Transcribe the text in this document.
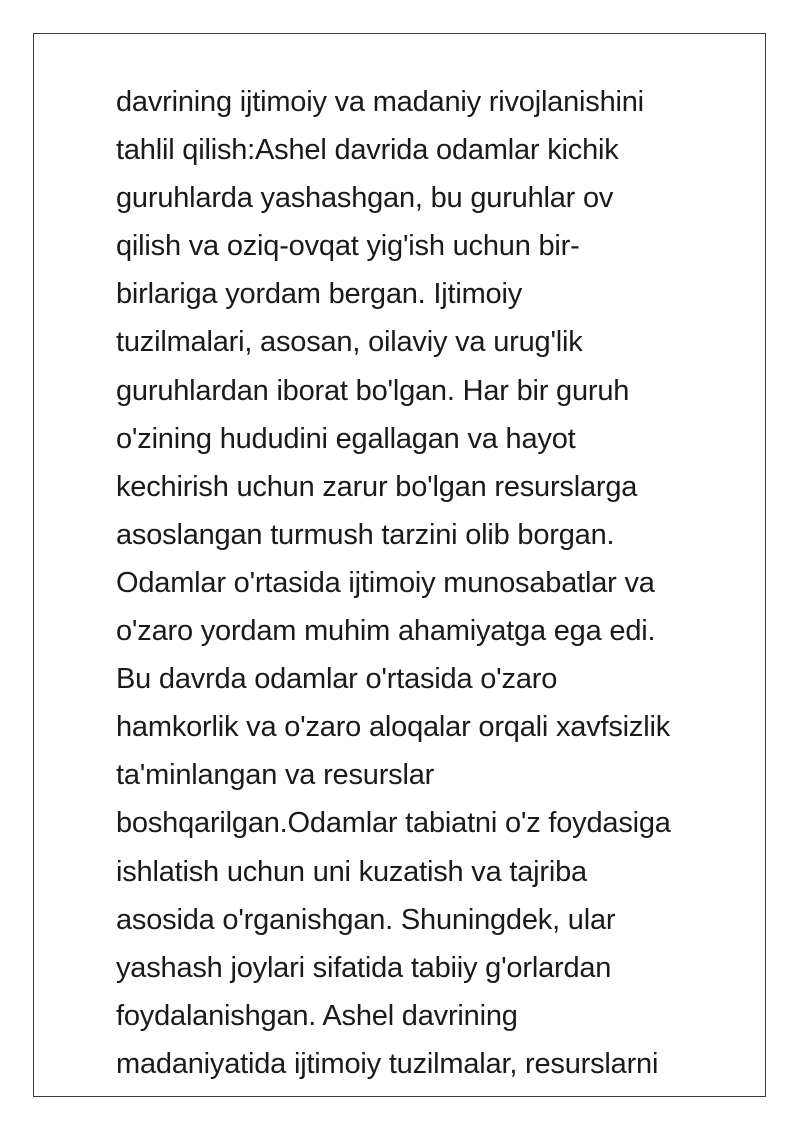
davrining ijtimoiy va madaniy rivojlanishini
tahlil qilish:Ashel davrida odamlar kichik
guruhlarda yashashgan, bu guruhlar ov
qilish va oziq-ovqat yig'ish uchun bir-
birlariga yordam bergan. Ijtimoiy
tuzilmalari, asosan, oilaviy va urug'lik
guruhlardan iborat bo'lgan. Har bir guruh
o'zining hududini egallagan va hayot
kechirish uchun zarur bo'lgan resurslarga
asoslangan turmush tarzini olib borgan.
Odamlar o'rtasida ijtimoiy munosabatlar va
o'zaro yordam muhim ahamiyatga ega edi.
Bu davrda odamlar o'rtasida o'zaro
hamkorlik va o'zaro aloqalar orqali xavfsizlik
ta'minlangan va resurslar
boshqarilgan.Odamlar tabiatni o'z foydasiga
ishlatish uchun uni kuzatish va tajriba
asosida o'rganishgan. Shuningdek, ular
yashash joylari sifatida tabiiy g'orlardan
foydalanishgan. Ashel davrining
madaniyatida ijtimoiy tuzilmalar, resurslarni
